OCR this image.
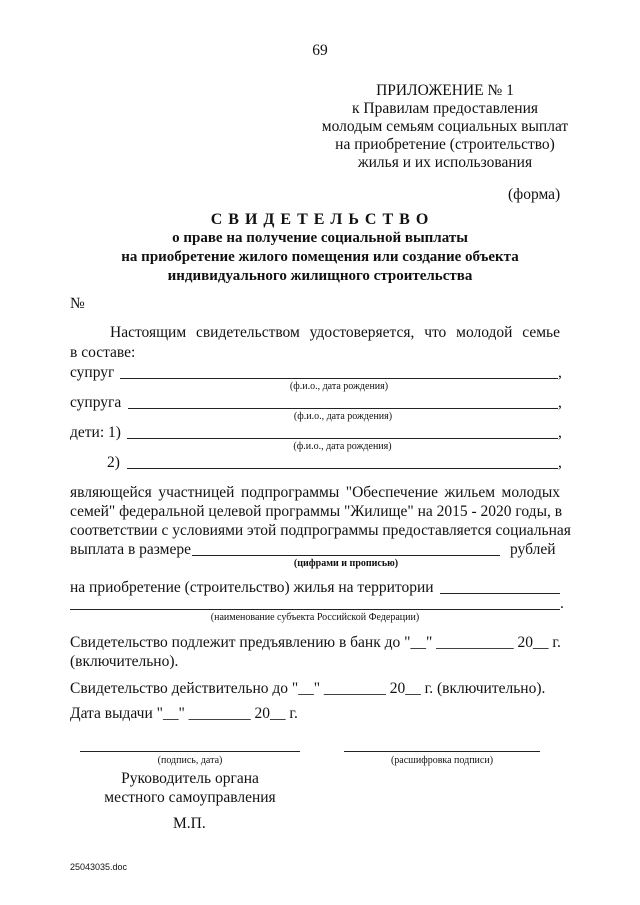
69
ПРИЛОЖЕНИЕ № 1
к Правилам предоставления
молодым семьям социальных выплат
на приобретение (строительство)
жилья и их использования
(форма)
С В И Д Е Т Е Л Ь С Т В О
о праве на получение социальной выплаты
на приобретение жилого помещения или создание объекта
индивидуального жилищного строительства
№
Настоящим свидетельством удостоверяется, что молодой семье
в составе:
супруг	,
(ф.и.о., дата рождения)
супруга	,
(ф.и.о., дата рождения)
дети: 1)	,
(ф.и.о., дата рождения)
2)	,
являющейся участницей подпрограммы "Обеспечение жильем молодых
семей" федеральной целевой программы "Жилище" на 2015 - 2020 годы, в
соответствии с условиями этой подпрограммы предоставляется социальная
выплата в размере	рублей
(цифрами и прописью)
на приобретение (строительство) жилья на территории
.
(наименование субъекта Российской Федерации)
Свидетельство подлежит предъявлению в банк до "__" __________ 20__ г.
(включительно).
Свидетельство действительно до "__" ________ 20__ г. (включительно).
Дата выдачи "__" ________ 20__ г.
(подпись, дата)	(расшифровка подписи)
Руководитель органа
местного самоуправления
М.П.
25043035.doc
